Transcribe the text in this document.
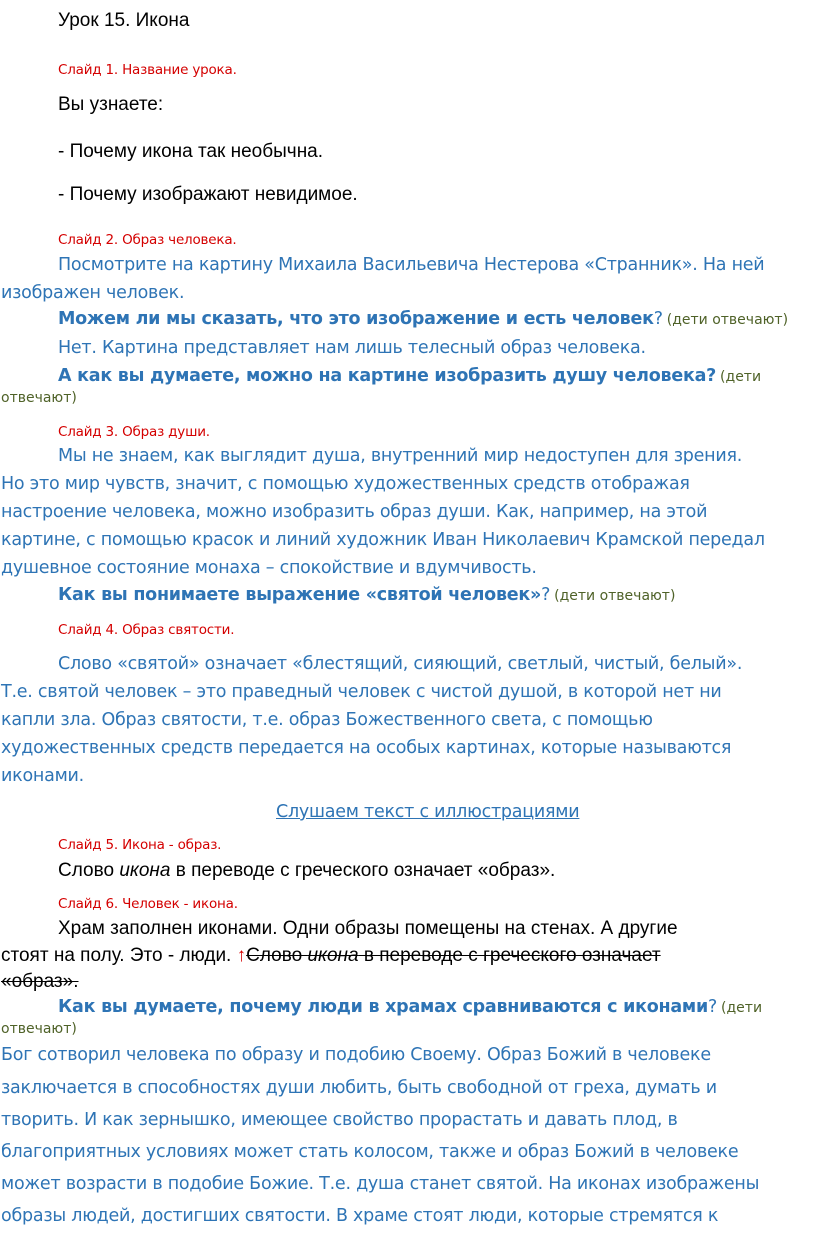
Урок 15. Икона
Слайд 1. Название урока.
Вы узнаете:
- Почему икона так необычна.
- Почему изображают невидимое.
Слайд 2. Образ человека.
Посмотрите на картину Михаила Васильевича Нестерова «Странник». На ней
изображен человек.
Можем ли мы сказать, что это изображение и есть человек? (дети отвечают)
Нет. Картина представляет нам лишь телесный образ человека.
А как вы думаете, можно на картине изобразить душу человека? (дети
отвечают)
Слайд 3. Образ души.
Мы не знаем, как выглядит душа, внутренний мир недоступен для зрения.
Но это мир чувств, значит, с помощью художественных средств отображая
настроение человека, можно изобразить образ души. Как, например, на этой
картине, с помощью красок и линий художник Иван Николаевич Крамской передал
душевное состояние монаха – спокойствие и вдумчивость.
Как вы понимаете выражение «святой человек»? (дети отвечают)
Слайд 4. Образ святости.
Слово «святой» означает «блестящий, сияющий, светлый, чистый, белый».
Т.е. святой человек – это праведный человек с чистой душой, в которой нет ни
капли зла. Образ святости, т.е. образ Божественного света, с помощью
художественных средств передается на особых картинах, которые называются
иконами.
Слушаем текст с иллюстрациями
Слайд 5. Икона - образ.
Слово икона в переводе с греческого означает «образ».
Слайд 6. Человек - икона.
Храм заполнен иконами. Одни образы помещены на стенах. А другие
стоят на полу. Это - люди. ↑Слово икона в переводе с греческого означает
«образ».
Как вы думаете, почему люди в храмах сравниваются с иконами? (дети
отвечают)
Бог сотворил человека по образу и подобию Своему. Образ Божий в человеке
заключается в способностях души любить, быть свободной от греха, думать и
творить. И как зернышко, имеющее свойство прорастать и давать плод, в
благоприятных условиях может стать колосом, также и образ Божий в человеке
может возрасти в подобие Божие. Т.е. душа станет святой. На иконах изображены
образы людей, достигших святости. В храме стоят люди, которые стремятся к
